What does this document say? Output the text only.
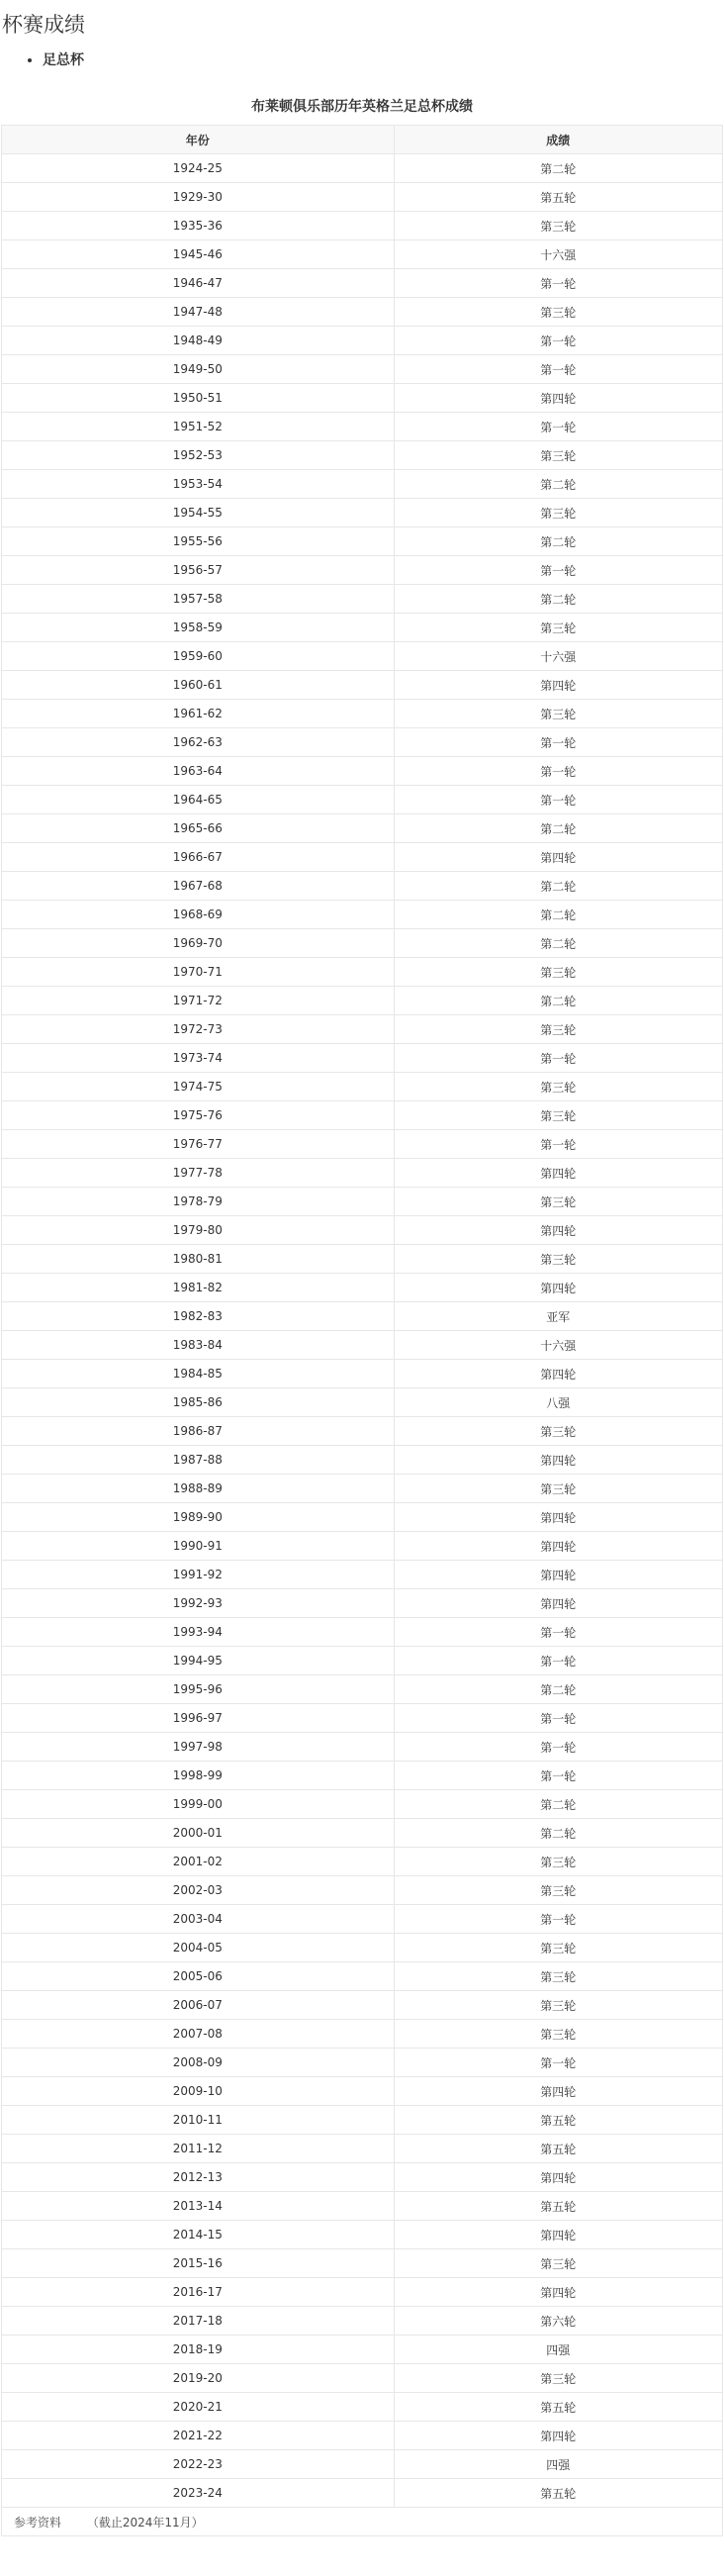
杯赛成绩
• 足总杯
布莱顿俱乐部历年英格兰足总杯成绩
年份	成绩
1924-25	第二轮
1929-30	第五轮
1935-36	第三轮
1945-46	十六强
1946-47	第一轮
1947-48	第三轮
1948-49	第一轮
1949-50	第一轮
1950-51	第四轮
1951-52	第一轮
1952-53	第三轮
1953-54	第二轮
1954-55	第三轮
1955-56	第二轮
1956-57	第一轮
1957-58	第二轮
1958-59	第三轮
1959-60	十六强
1960-61	第四轮
1961-62	第三轮
1962-63	第一轮
1963-64	第一轮
1964-65	第一轮
1965-66	第二轮
1966-67	第四轮
1967-68	第二轮
1968-69	第二轮
1969-70	第二轮
1970-71	第三轮
1971-72	第二轮
1972-73	第三轮
1973-74	第一轮
1974-75	第三轮
1975-76	第三轮
1976-77	第一轮
1977-78	第四轮
1978-79	第三轮
1979-80	第四轮
1980-81	第三轮
1981-82	第四轮
1982-83	亚军
1983-84	十六强
1984-85	第四轮
1985-86	八强
1986-87	第三轮
1987-88	第四轮
1988-89	第三轮
1989-90	第四轮
1990-91	第四轮
1991-92	第四轮
1992-93	第四轮
1993-94	第一轮
1994-95	第一轮
1995-96	第二轮
1996-97	第一轮
1997-98	第一轮
1998-99	第一轮
1999-00	第二轮
2000-01	第二轮
2001-02	第三轮
2002-03	第三轮
2003-04	第一轮
2004-05	第三轮
2005-06	第三轮
2006-07	第三轮
2007-08	第三轮
2008-09	第一轮
2009-10	第四轮
2010-11	第五轮
2011-12	第五轮
2012-13	第四轮
2013-14	第五轮
2014-15	第四轮
2015-16	第三轮
2016-17	第四轮
2017-18	第六轮
2018-19	四强
2019-20	第三轮
2020-21	第五轮
2021-22	第四轮
2022-23	四强
2023-24	第五轮
参考资料 （截止2024年11月）	
